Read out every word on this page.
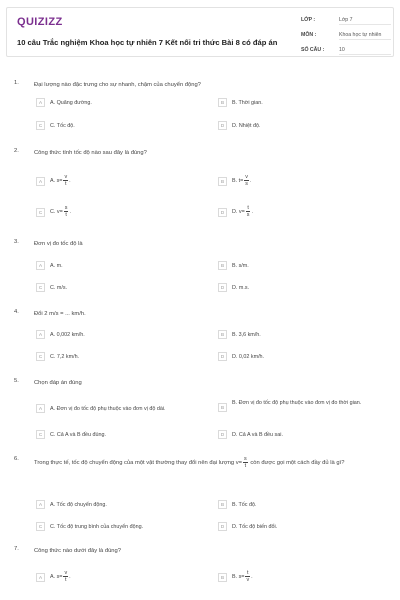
QUIZIZZ
10 câu Trắc nghiệm Khoa học tự nhiên 7 Kết nối tri thức Bài 8 có đáp án
LỚP :	Lớp 7
MÔN :	Khoa học tự nhiên
SỐ CÂU :	10
1.	Đại lượng nào đặc trưng cho sự nhanh, chậm của chuyển động?
A	A. Quãng đường.	B	B. Thời gian.
C	C. Tốc độ.	D	D. Nhiệt độ.
2.	Công thức tính tốc độ nào sau đây là đúng?
A	A. $s= \frac{v}{t}$ .	B	B. $t= \frac{v}{s}$ .
C	C. $v= \frac{s}{t}$ .	D	D. $v= \frac{t}{s}$ .
3.	Đơn vị đo tốc độ là
A	A. m.	B	B. s/m.
C	C. m/s.	D	D. m.s.
4.	Đổi 2 m/s = ... km/h.
A	A. 0,002 km/h.	B	B. 3,6 km/h.
C	C. 7,2 km/h.	D	D. 0,02 km/h.
5.	Chọn đáp án đúng
A	A. Đơn vị đo tốc độ phụ thuộc vào đơn vị độ dài.	B
B. Đơn vị đo tốc độ phụ thuộc vào đơn vị đo thời gian.
C	C. Cả A và B đều đúng.	D	D. Cả A và B đều sai.
6.
Trong thực tế, tốc độ chuyển động của một vật thường thay đổi nên đại lượng $v= \frac{s}{t}$ còn được gọi một cách đầy đủ là gì?
A	A. Tốc độ chuyển động.	B	B. Tốc độ.
C	C. Tốc độ trung bình của chuyển động.	D	D. Tốc độ biến đổi.
7.	Công thức nào dưới đây là đúng?
A	A. $s= \frac{v}{t}$ .	B	B. $s= \frac{t}{v}$ .
